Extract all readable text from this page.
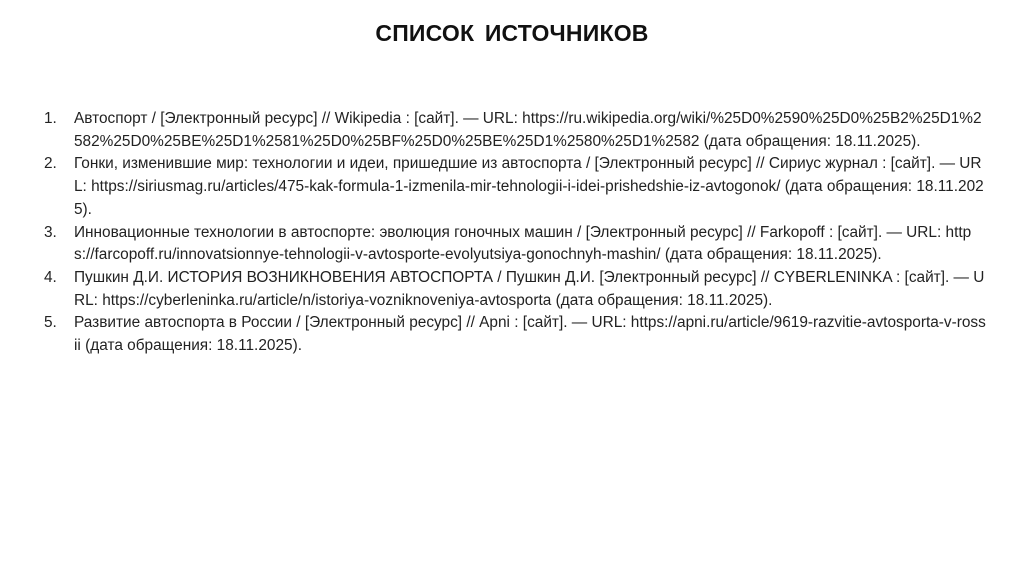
СПИСОК ИСТОЧНИКОВ
1. Автоспорт / [Электронный ресурс] // Wikipedia : [сайт]. — URL: https://ru.wikipedia.org/wiki/%25D0%2590%25D0%25B2%25D1%2582%25D0%25BE%25D1%2581%25D0%25BF%25D0%25BE%25D1%2580%25D1%2582 (дата обращения: 18.11.2025).
2. Гонки, изменившие мир: технологии и идеи, пришедшие из автоспорта / [Электронный ресурс] // Сириус журнал : [сайт]. — URL: https://siriusmag.ru/articles/475-kak-formula-1-izmenila-mir-tehnologii-i-idei-prishedshie-iz-avtogonok/ (дата обращения: 18.11.2025).
3. Инновационные технологии в автоспорте: эволюция гоночных машин / [Электронный ресурс] // Farkopoff : [сайт]. — URL: https://farcopoff.ru/innovatsionnye-tehnologii-v-avtosporte-evolyutsiya-gonochnyh-mashin/ (дата обращения: 18.11.2025).
4. Пушкин Д.И. ИСТОРИЯ ВОЗНИКНОВЕНИЯ АВТОСПОРТА / Пушкин Д.И. [Электронный ресурс] // CYBERLENINKA : [сайт]. — URL: https://cyberleninka.ru/article/n/istoriya-vozniknoveniya-avtosporta (дата обращения: 18.11.2025).
5. Развитие автоспорта в России / [Электронный ресурс] // Apni : [сайт]. — URL: https://apni.ru/article/9619-razvitie-avtosporta-v-rossii (дата обращения: 18.11.2025).
